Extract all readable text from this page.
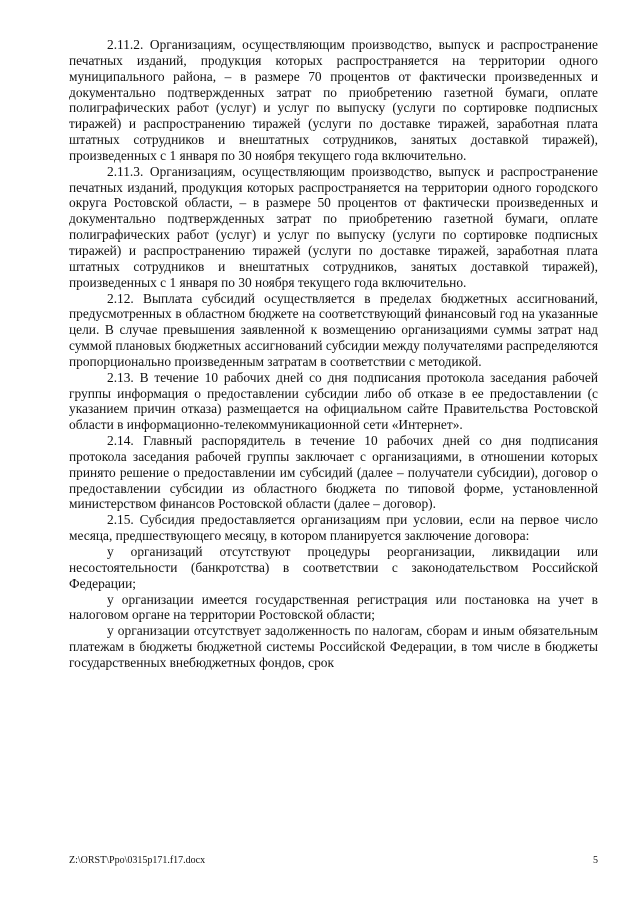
2.11.2. Организациям, осуществляющим производство, выпуск и распространение печатных изданий, продукция которых распространяется на территории одного муниципального района, – в размере 70 процентов от фактически произведенных и документально подтвержденных затрат по приобретению газетной бумаги, оплате полиграфических работ (услуг) и услуг по выпуску (услуги по сортировке подписных тиражей) и распространению тиражей (услуги по доставке тиражей, заработная плата штатных сотрудников и внештатных сотрудников, занятых доставкой тиражей), произведенных с 1 января по 30 ноября текущего года включительно.

2.11.3. Организациям, осуществляющим производство, выпуск и распространение печатных изданий, продукция которых распространяется на территории одного городского округа Ростовской области, – в размере 50 процентов от фактически произведенных и документально подтвержденных затрат по приобретению газетной бумаги, оплате полиграфических работ (услуг) и услуг по выпуску (услуги по сортировке подписных тиражей) и распространению тиражей (услуги по доставке тиражей, заработная плата штатных сотрудников и внештатных сотрудников, занятых доставкой тиражей), произведенных с 1 января по 30 ноября текущего года включительно.

2.12. Выплата субсидий осуществляется в пределах бюджетных ассигнований, предусмотренных в областном бюджете на соответствующий финансовый год на указанные цели. В случае превышения заявленной к возмещению организациями суммы затрат над суммой плановых бюджетных ассигнований субсидии между получателями распределяются пропорционально произведенным затратам в соответствии с методикой.

2.13. В течение 10 рабочих дней со дня подписания протокола заседания рабочей группы информация о предоставлении субсидии либо об отказе в ее предоставлении (с указанием причин отказа) размещается на официальном сайте Правительства Ростовской области в информационно-телекоммуникационной сети «Интернет».

2.14. Главный распорядитель в течение 10 рабочих дней со дня подписания протокола заседания рабочей группы заключает с организациями, в отношении которых принято решение о предоставлении им субсидий (далее – получатели субсидии), договор о предоставлении субсидии из областного бюджета по типовой форме, установленной министерством финансов Ростовской области (далее – договор).

2.15. Субсидия предоставляется организациям при условии, если на первое число месяца, предшествующего месяцу, в котором планируется заключение договора:

у организаций отсутствуют процедуры реорганизации, ликвидации или несостоятельности (банкротства) в соответствии с законодательством Российской Федерации;

у организации имеется государственная регистрация или постановка на учет в налоговом органе на территории Ростовской области;

у организации отсутствует задолженность по налогам, сборам и иным обязательным платежам в бюджеты бюджетной системы Российской Федерации, в том числе в бюджеты государственных внебюджетных фондов, срок

Z:\ORST\Ppo\0315p171.f17.docx	5
